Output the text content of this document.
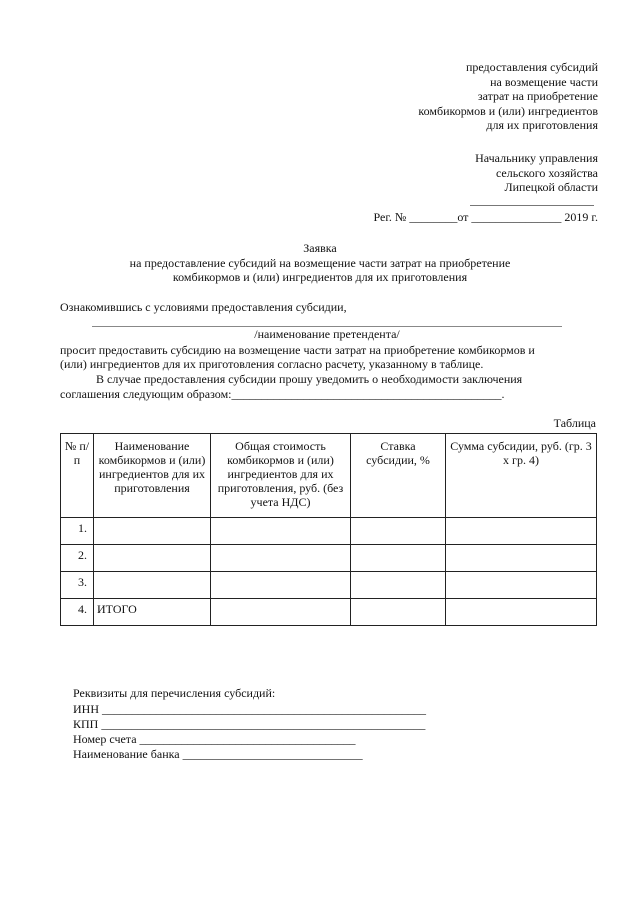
предоставления субсидий
на возмещение части
затрат на приобретение
комбикормов и (или) ингредиентов
для их приготовления
Начальнику управления
сельского хозяйства
Липецкой области
Рег. № ________от _______________ 2019 г.
Заявка
на предоставление субсидий на возмещение части затрат на приобретение
комбикормов и (или) ингредиентов для их приготовления
Ознакомившись с условиями предоставления субсидии,
/наименование претендента/
просит предоставить субсидию на возмещение части затрат на приобретение комбикормов и
(или) ингредиентов для их приготовления согласно расчету, указанному в таблице.
В случае предоставления субсидии прошу уведомить о необходимости заключения
соглашения следующим образом:_____________________________________________.
Таблица
№ п/п	Наименование комбикормов и (или) ингредиентов для их приготовления	Общая стоимость комбикормов и (или) ингредиентов для их приготовления, руб. (без учета НДС)	Ставка субсидии, %	Сумма субсидии, руб. (гр. 3 х гр. 4)
1.				
2.				
3.				
4.	ИТОГО			
Реквизиты для перечисления субсидий:
ИНН ______________________________________________________
КПП ______________________________________________________
Номер счета ____________________________________
Наименование банка ______________________________
